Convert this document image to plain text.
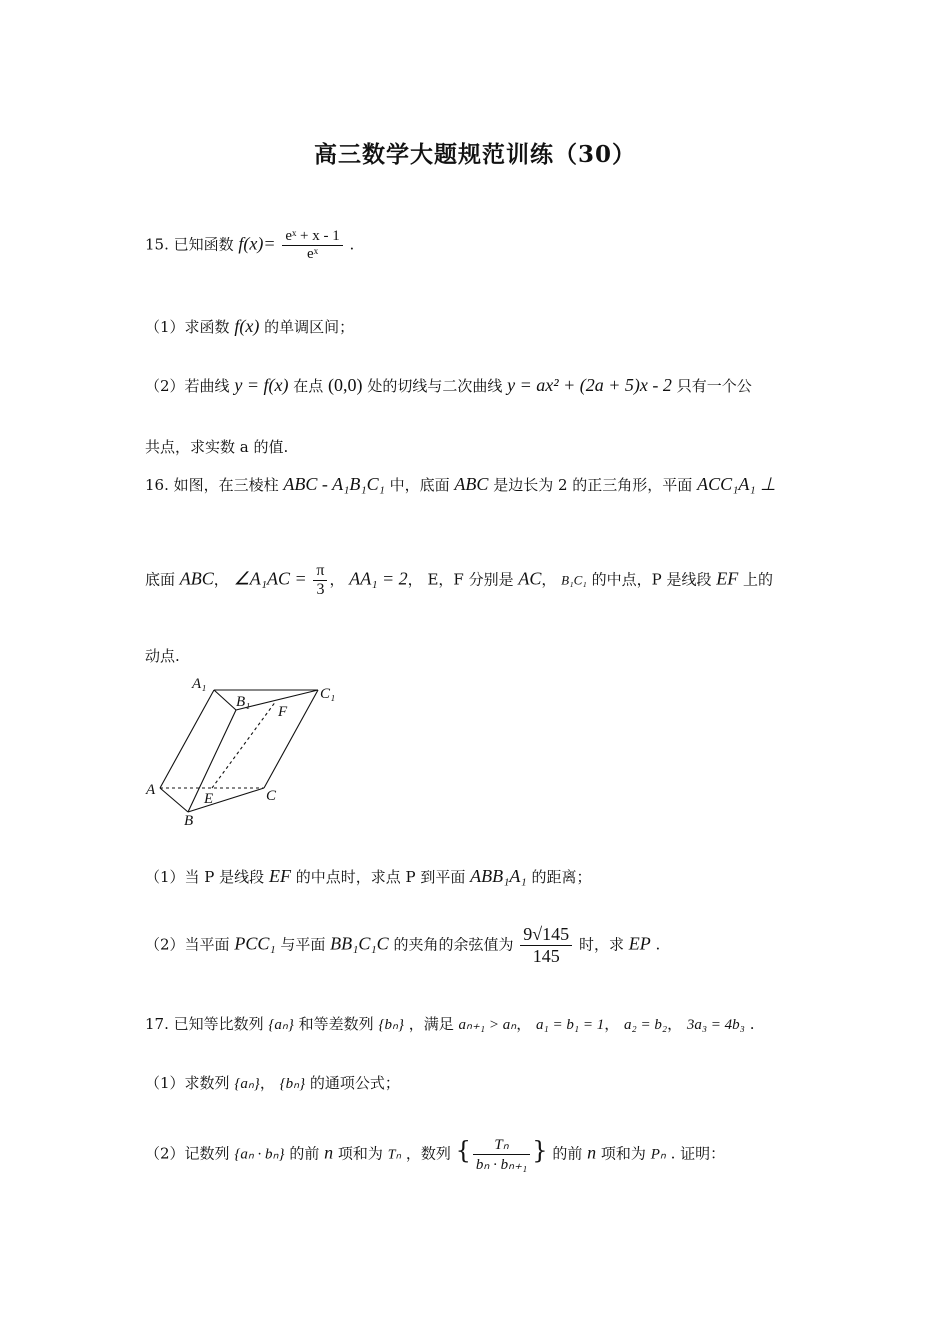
高三数学大题规范训练（30）
15. 已知函数 $f(x)= \frac{\text{eˣ + x - 1}}{\text{eˣ}}$ .
（1）求函数 f(x) 的单调区间；
（2）若曲线 y = f(x) 在点 (0,0) 处的切线与二次曲线 y = ax² + (2a + 5)x - 2 只有一个公
共点，求实数 a 的值.
16. 如图，在三棱柱 ABC - A₁B₁C₁ 中，底面 ABC 是边长为 2 的正三角形，平面 ACC₁A₁ ⊥
底面 ABC， ∠A₁AC = $\frac{\pi}{3}$ ， AA₁ = 2， E，F 分别是 AC， B₁C₁ 的中点，P 是线段 EF 上的
动点.
A₁
B₁	C₁
F
A
E	C
B
（1）当 P 是线段 EF 的中点时，求点 P 到平面 ABB₁A₁ 的距离；
（2）当平面 PCC₁ 与平面 BB₁C₁C 的夹角的余弦值为 $\frac{9√145}{145}$ 时，求 EP .
17. 已知等比数列 {aₙ} 和等差数列 {bₙ} ，满足 aₙ₊₁ > aₙ， a₁ = b₁ = 1， a₂ = b₂， 3a₃ = 4b₃ .
（1）求数列 {aₙ}， {bₙ} 的通项公式；
（2）记数列 {aₙ · bₙ} 的前 n 项和为 Tₙ ，数列 { $\frac{\text{Tₙ}}{\text{bₙ · bₙ₊₁}}$ } 的前 n 项和为 Pₙ . 证明：
